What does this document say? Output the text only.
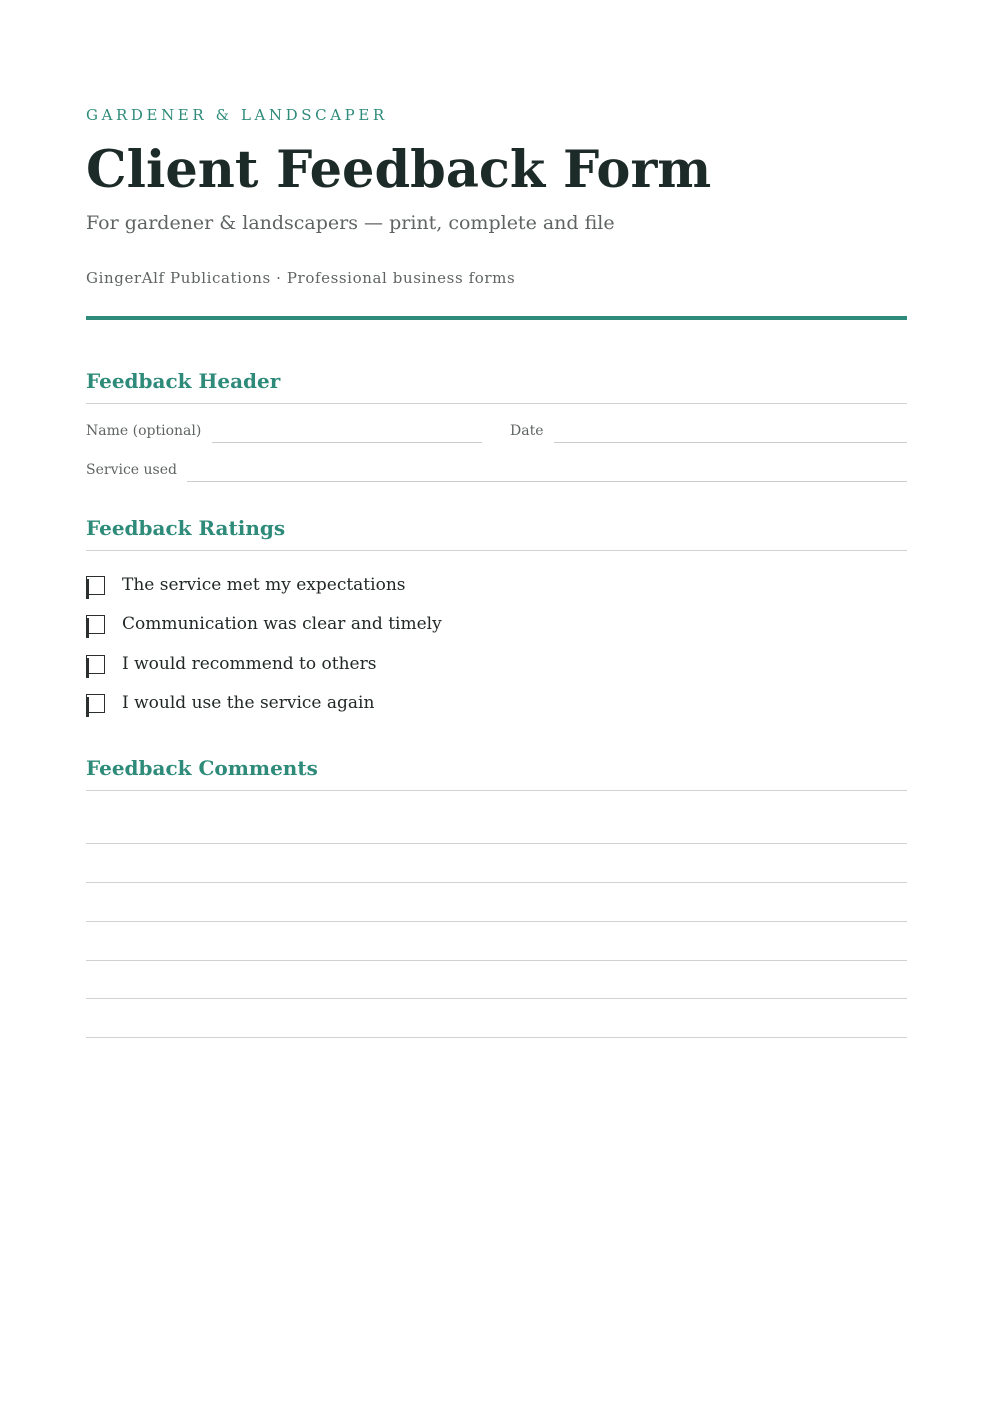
GARDENER & LANDSCAPER
Client Feedback Form
For gardener & landscapers — print, complete and file
GingerAlf Publications · Professional business forms
Feedback Header
Name (optional)	Date
Service used
Feedback Ratings
The service met my expectations
Communication was clear and timely
I would recommend to others
I would use the service again
Feedback Comments
